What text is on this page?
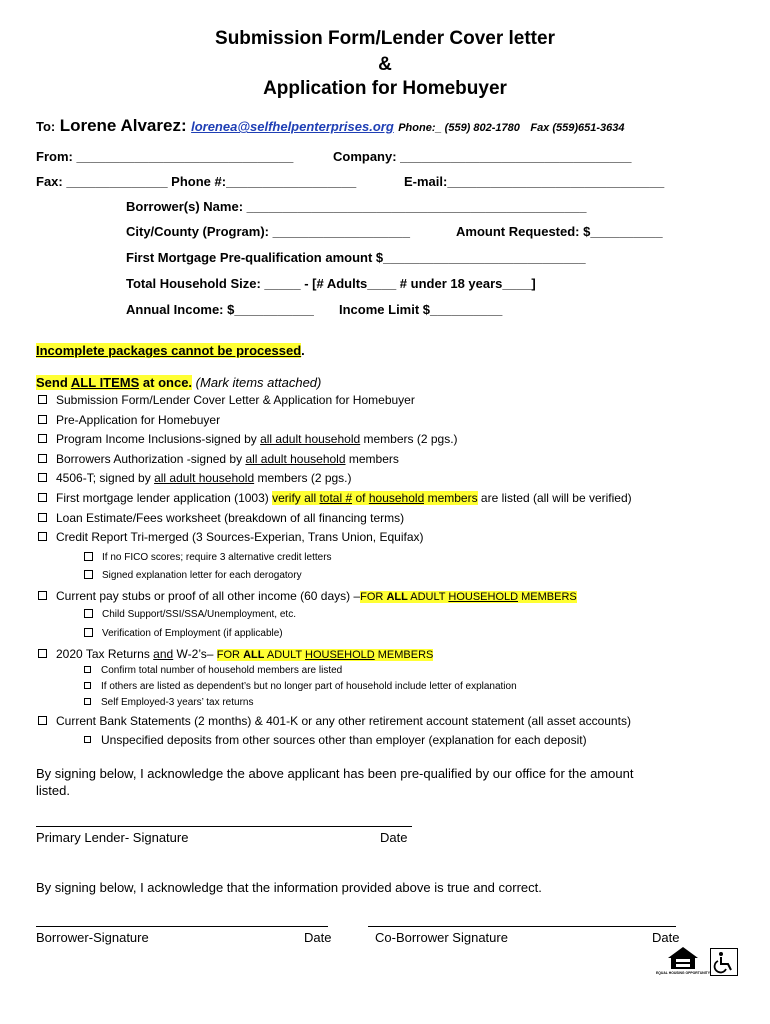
Submission Form/Lender Cover letter
&
Application for Homebuyer
To: Lorene Alvarez: lorenea@selfhelpenterprises.org Phone:_ (559) 802-1780 Fax (559)651-3634
From: ______________________________	Company: ________________________________
Fax: ______________ Phone #:__________________	E-mail:______________________________
Borrower(s) Name: _______________________________________________
City/County (Program): ___________________	Amount Requested: $__________
First Mortgage Pre-qualification amount $____________________________
Total Household Size: _____ - [# Adults____ # under 18 years____]
Annual Income: $___________ Income Limit $__________
Incomplete packages cannot be processed.
Send ALL ITEMS at once. (Mark items attached)
Submission Form/Lender Cover Letter & Application for Homebuyer
Pre-Application for Homebuyer
Program Income Inclusions-signed by all adult household members (2 pgs.)
Borrowers Authorization -signed by all adult household members
4506-T; signed by all adult household members (2 pgs.)
First mortgage lender application (1003) verify all total # of household members are listed (all will be verified)
Loan Estimate/Fees worksheet (breakdown of all financing terms)
Credit Report Tri-merged (3 Sources-Experian, Trans Union, Equifax)
If no FICO scores; require 3 alternative credit letters
Signed explanation letter for each derogatory
Current pay stubs or proof of all other income (60 days) –FOR ALL ADULT HOUSEHOLD MEMBERS
Child Support/SSI/SSA/Unemployment, etc.
Verification of Employment (if applicable)
2020 Tax Returns and W-2’s– FOR ALL ADULT HOUSEHOLD MEMBERS
Confirm total number of household members are listed
If others are listed as dependent’s but no longer part of household include letter of explanation
Self Employed-3 years’ tax returns
Current Bank Statements (2 months) & 401-K or any other retirement account statement (all asset accounts)
Unspecified deposits from other sources other than employer (explanation for each deposit)
By signing below, I acknowledge the above applicant has been pre-qualified by our office for the amount
listed.
Primary Lender- Signature	Date
By signing below, I acknowledge that the information provided above is true and correct.
Borrower-Signature	Date	Co-Borrower Signature	Date
EQUAL HOUSING OPPORTUNITY
